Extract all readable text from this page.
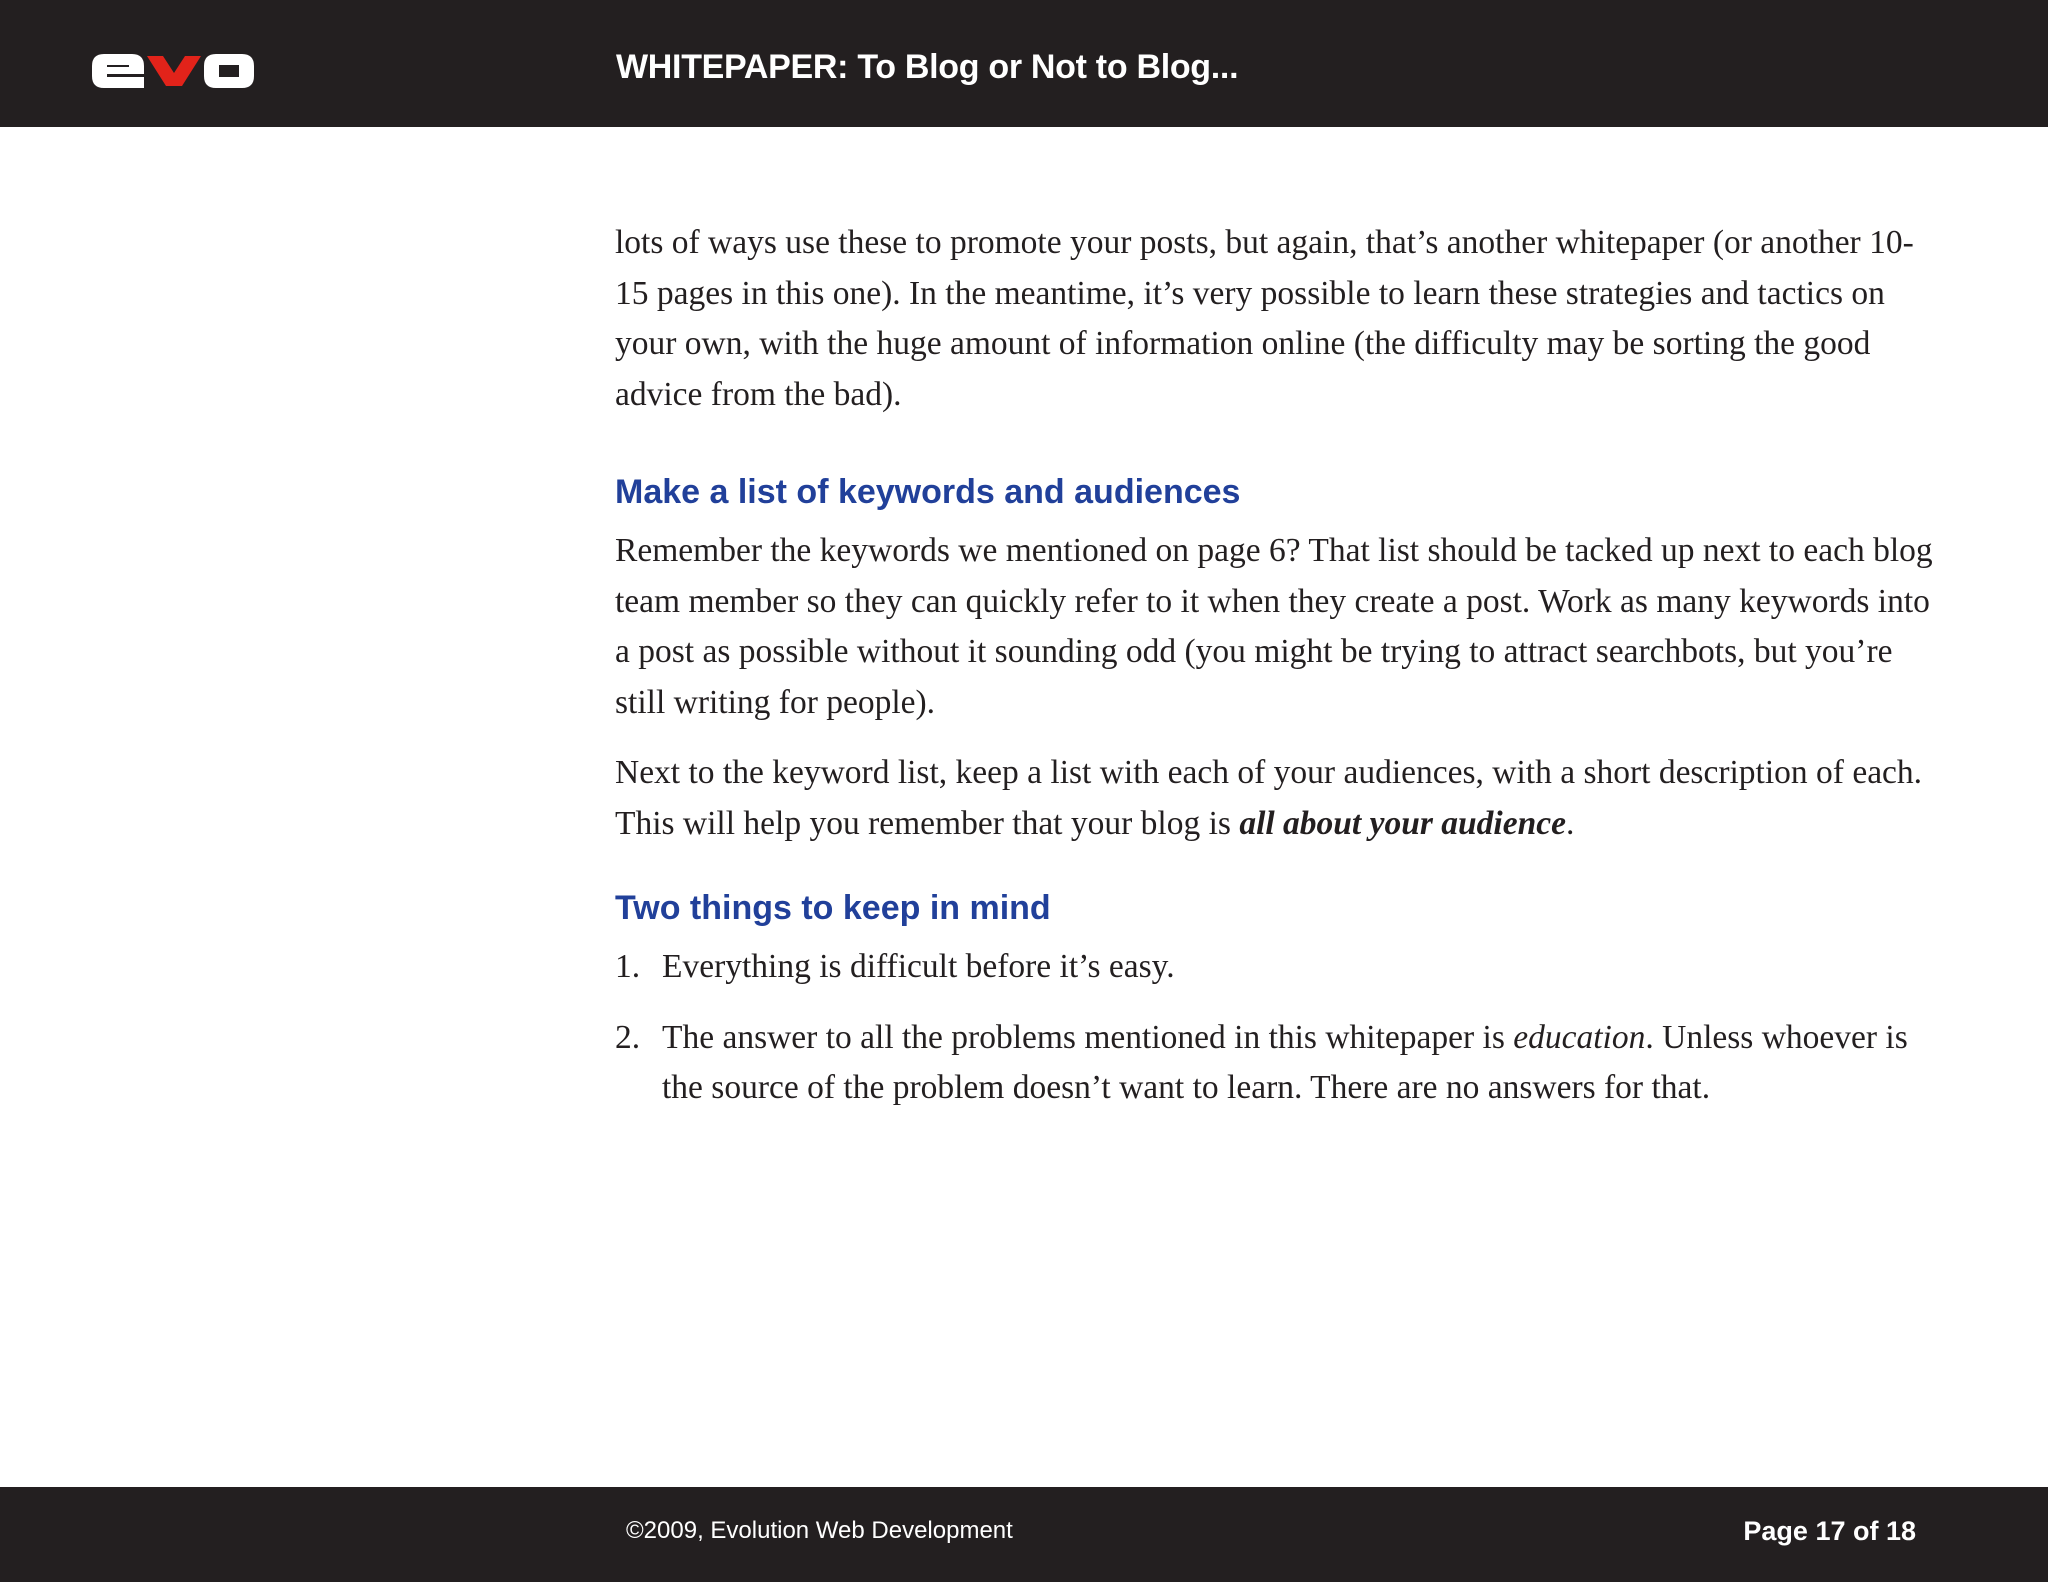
WHITEPAPER: To Blog or Not to Blog...

lots of ways use these to promote your posts, but again, that’s another whitepaper (or another 10-15 pages in this one). In the meantime, it’s very possible to learn these strategies and tactics on your own, with the huge amount of information online (the difficulty may be sorting the good advice from the bad).

Make a list of keywords and audiences

Remember the keywords we mentioned on page 6? That list should be tacked up next to each blog team member so they can quickly refer to it when they create a post. Work as many keywords into a post as possible without it sounding odd (you might be trying to attract searchbots, but you’re still writing for people).

Next to the keyword list, keep a list with each of your audiences, with a short description of each. This will help you remember that your blog is all about your audience.

Two things to keep in mind
1. Everything is difficult before it’s easy.
2. The answer to all the problems mentioned in this whitepaper is education. Unless whoever is the source of the problem doesn’t want to learn. There are no answers for that.
©2009, Evolution Web Development	Page 17 of 18
